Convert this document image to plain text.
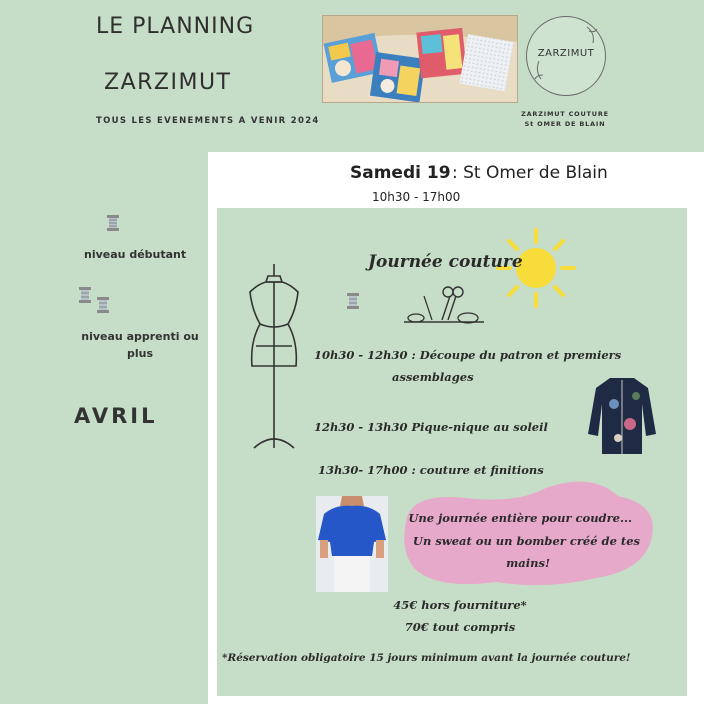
LE PLANNING
ZARZIMUT
TOUS LES EVENEMENTS A VENIR 2024
ZARZIMUT
ZARZIMUT COUTURE
St OMER DE BLAIN
niveau débutant
niveau apprenti ou plus
AVRIL
Samedi 19 : St Omer de Blain
10h30 - 17h00
Journée couture
10h30 - 12h30 : Découpe du patron et premiers
assemblages
12h30 - 13h30 Pique-nique au soleil
13h30- 17h00 : couture et finitions
Une journée entière pour coudre...
Un sweat ou un bomber créé de tes
mains!
45€ hors fourniture*
70€ tout compris
*Réservation obligatoire 15 jours minimum avant la journée couture!
